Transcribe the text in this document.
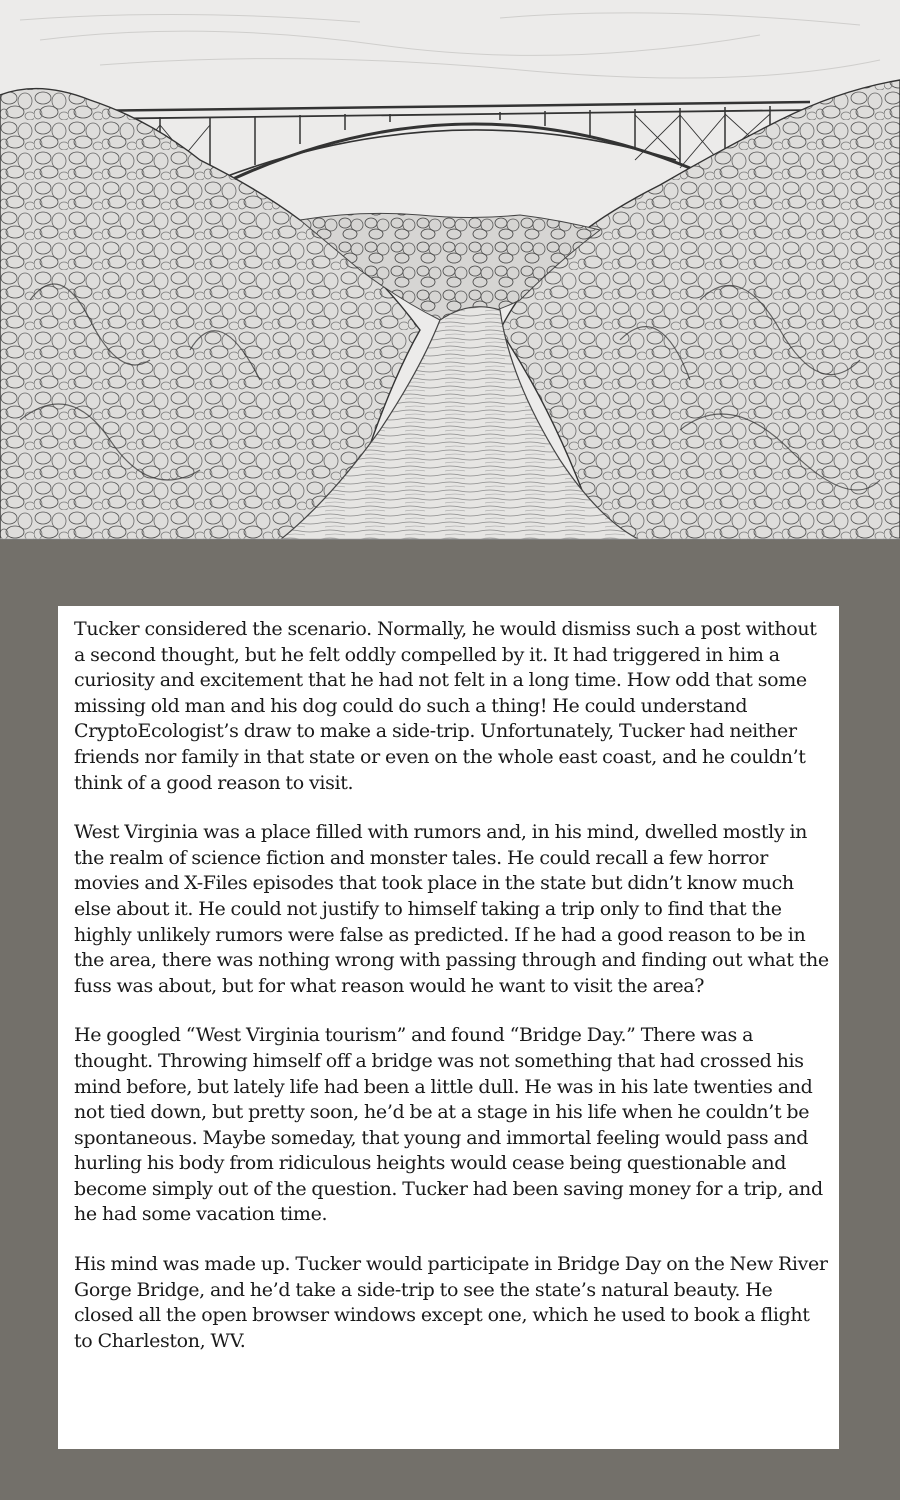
Tucker considered the scenario. Normally, he would dismiss such a post without a second thought, but he felt oddly compelled by it. It had triggered in him a curiosity and excitement that he had not felt in a long time. How odd that some missing old man and his dog could do such a thing! He could understand CryptoEcologist’s draw to make a side-trip. Unfortunately, Tucker had neither friends nor family in that state or even on the whole east coast, and he couldn’t think of a good reason to visit.

West Virginia was a place filled with rumors and, in his mind, dwelled mostly in the realm of science fiction and monster tales. He could recall a few horror movies and X-Files episodes that took place in the state but didn’t know much else about it. He could not justify to himself taking a trip only to find that the highly unlikely rumors were false as predicted. If he had a good reason to be in the area, there was nothing wrong with passing through and finding out what the fuss was about, but for what reason would he want to visit the area?

He googled “West Virginia tourism” and found “Bridge Day.” There was a thought. Throwing himself off a bridge was not something that had crossed his mind before, but lately life had been a little dull. He was in his late twenties and not tied down, but pretty soon, he’d be at a stage in his life when he couldn’t be spontaneous. Maybe someday, that young and immortal feeling would pass and hurling his body from ridiculous heights would cease being questionable and become simply out of the question. Tucker had been saving money for a trip, and he had some vacation time.

His mind was made up. Tucker would participate in Bridge Day on the New River Gorge Bridge, and he’d take a side-trip to see the state’s natural beauty. He closed all the open browser windows except one, which he used to book a flight to Charleston, WV.
